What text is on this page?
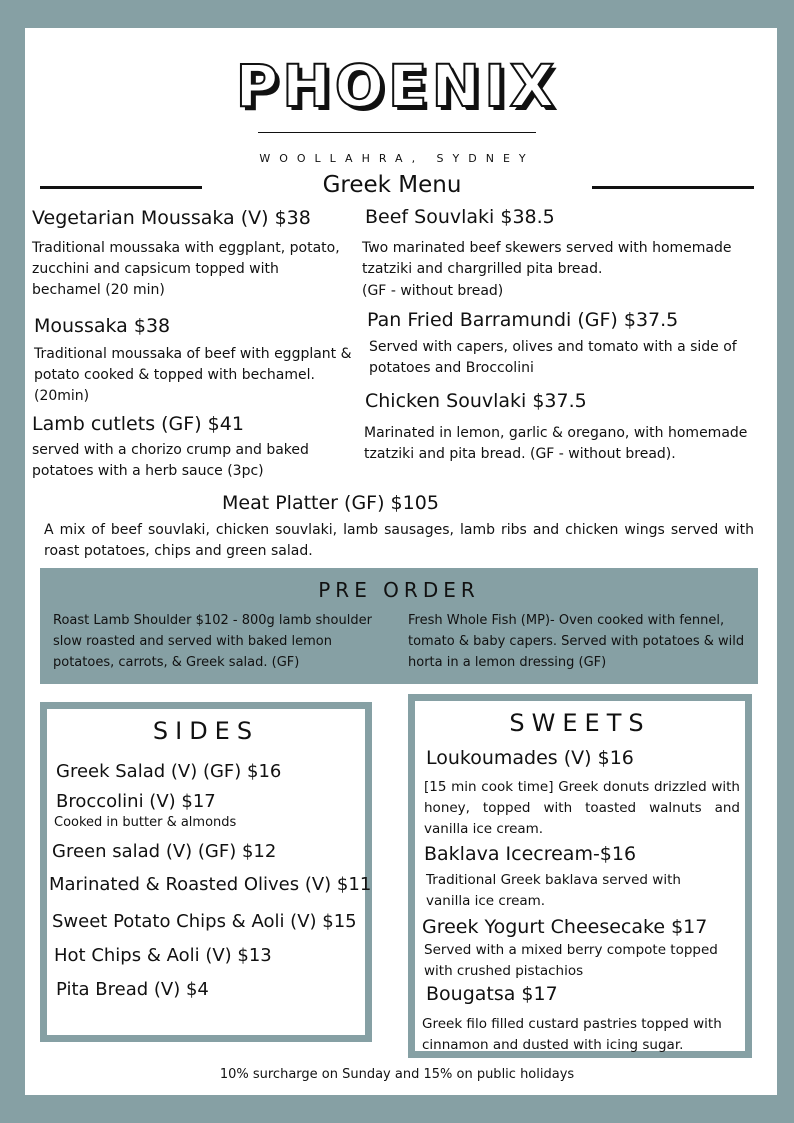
PHOENIX
WOOLLAHRA, SYDNEY
Greek Menu
Vegetarian Moussaka (V) $38
Traditional moussaka with eggplant, potato, zucchini and capsicum topped with bechamel (20 min)
Moussaka $38
Traditional moussaka of beef with eggplant & potato cooked & topped with bechamel. (20min)
Lamb cutlets (GF) $41
served with a chorizo crump and baked potatoes with a herb sauce (3pc)
Beef Souvlaki $38.5
Two marinated beef skewers served with homemade tzatziki and chargrilled pita bread.
(GF - without bread)
Pan Fried Barramundi (GF) $37.5
Served with capers, olives and tomato with a side of potatoes and Broccolini
Chicken Souvlaki $37.5
Marinated in lemon, garlic & oregano, with homemade tzatziki and pita bread. (GF - without bread).
Meat Platter (GF) $105
A mix of beef souvlaki, chicken souvlaki, lamb sausages, lamb ribs and chicken wings served with roast potatoes, chips and green salad.
PRE ORDER
Roast Lamb Shoulder $102 - 800g lamb shoulder slow roasted and served with baked lemon potatoes, carrots, & Greek salad. (GF)
Fresh Whole Fish (MP)- Oven cooked with fennel, tomato & baby capers. Served with potatoes & wild horta in a lemon dressing (GF)
SIDES
Greek Salad (V) (GF) $16
Broccolini (V) $17
Cooked in butter & almonds
Green salad (V) (GF) $12
Marinated & Roasted Olives (V) $11
Sweet Potato Chips & Aoli (V) $15
Hot Chips & Aoli (V) $13
Pita Bread (V) $4
SWEETS
Loukoumades (V) $16
[15 min cook time] Greek donuts drizzled with honey, topped with toasted walnuts and vanilla ice cream.
Baklava Icecream-$16
Traditional Greek baklava served with vanilla ice cream.
Greek Yogurt Cheesecake $17
Served with a mixed berry compote topped with crushed pistachios
Bougatsa $17
Greek filo filled custard pastries topped with cinnamon and dusted with icing sugar.
10% surcharge on Sunday and 15% on public holidays
